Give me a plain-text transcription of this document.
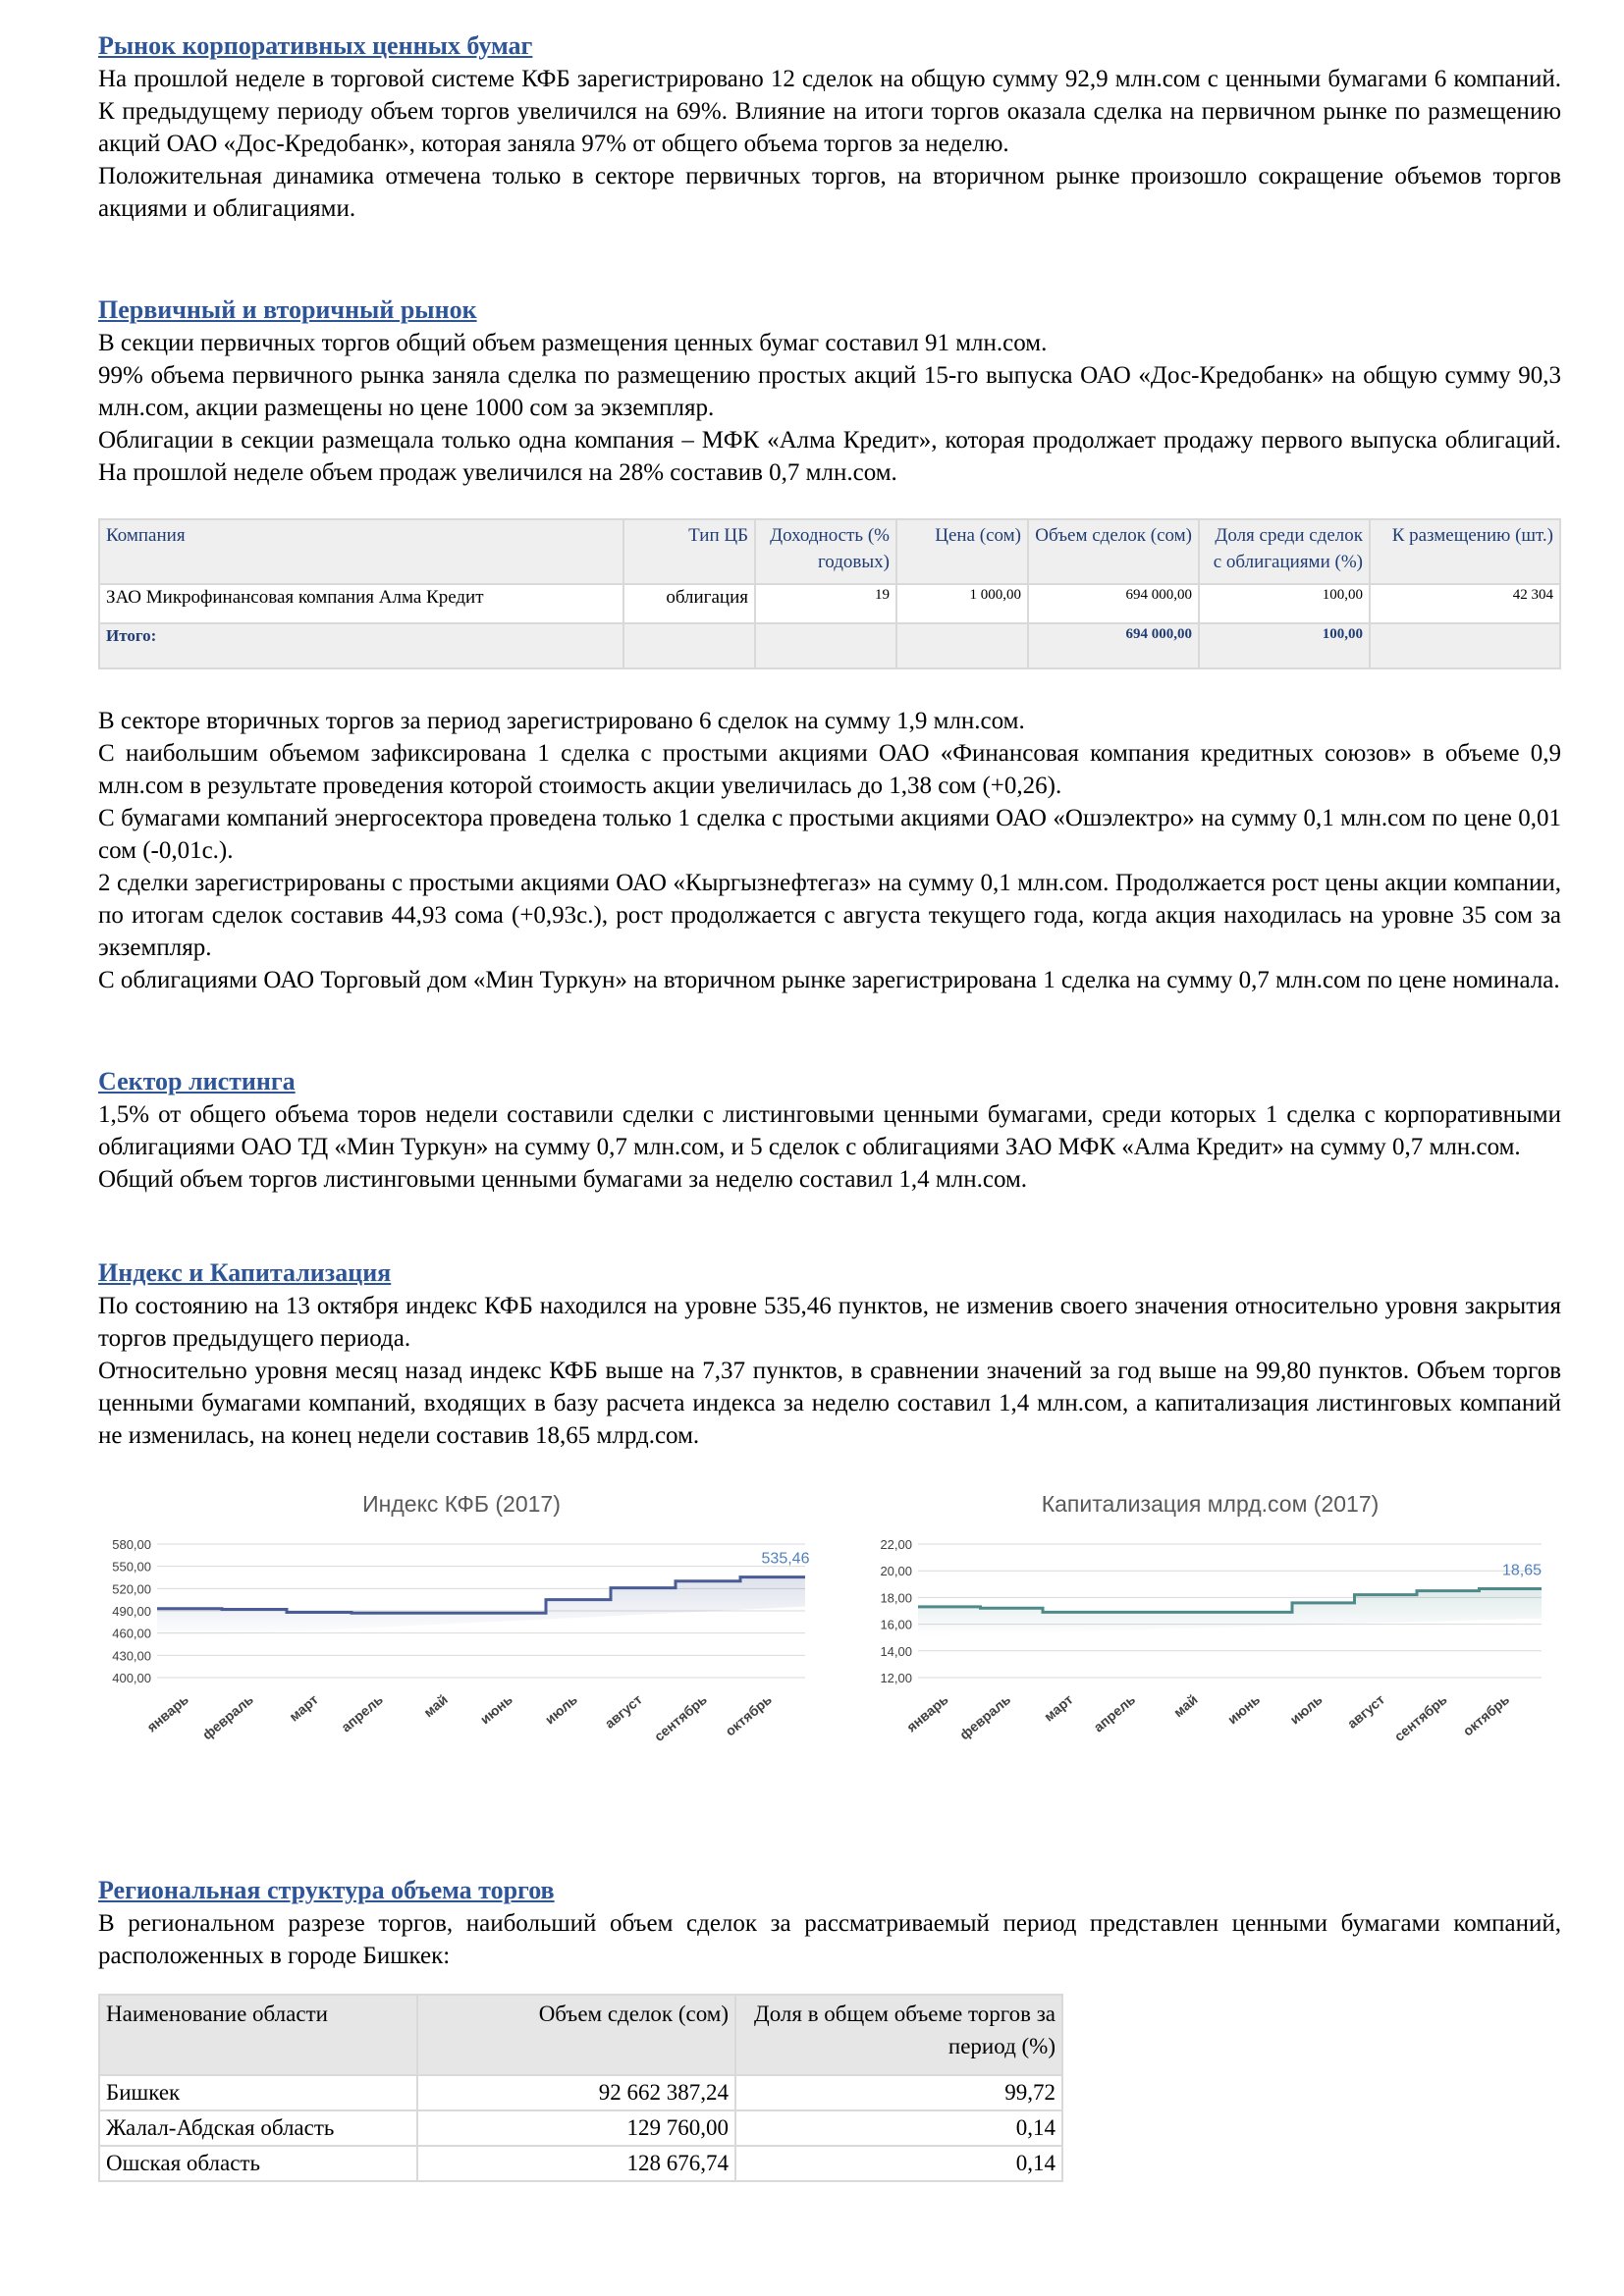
Рынок корпоративных ценных бумаг

На прошлой неделе в торговой системе КФБ зарегистрировано 12 сделок на общую сумму 92,9 млн.сом с ценными бумагами 6 компаний. К предыдущему периоду объем торгов увеличился на 69%. Влияние на итоги торгов оказала сделка на первичном рынке по размещению акций ОАО «Дос-Кредобанк», которая заняла 97% от общего объема торгов за неделю.

Положительная динамика отмечена только в секторе первичных торгов, на вторичном рынке произошло сокращение объемов торгов акциями и облигациями.

Первичный и вторичный рынок

В секции первичных торгов общий объем размещения ценных бумаг составил 91 млн.сом.

99% объема первичного рынка заняла сделка по размещению простых акций 15-го выпуска ОАО «Дос-Кредобанк» на общую сумму 90,3 млн.сом, акции размещены но цене 1000 сом за экземпляр.

Облигации в секции размещала только одна компания – МФК «Алма Кредит», которая продолжает продажу первого выпуска облигаций. На прошлой неделе объем продаж увеличился на 28% составив 0,7 млн.сом.

Компания	Тип ЦБ	Доходность (% годовых)	Цена (сом)	Объем сделок (сом)	Доля среди сделок с облигациями (%)	К размещению (шт.)
ЗАО Микрофинансовая компания Алма Кредит	облигация	19	1 000,00	694 000,00	100,00	42 304
Итого:				694 000,00	100,00	

В секторе вторичных торгов за период зарегистрировано 6 сделок на сумму 1,9 млн.сом.

С наибольшим объемом зафиксирована 1 сделка с простыми акциями ОАО «Финансовая компания кредитных союзов» в объеме 0,9 млн.сом в результате проведения которой стоимость акции увеличилась до 1,38 сом (+0,26).

С бумагами компаний энергосектора проведена только 1 сделка с простыми акциями ОАО «Ошэлектро» на сумму 0,1 млн.сом по цене 0,01 сом (-0,01с.).

2 сделки зарегистрированы с простыми акциями ОАО «Кыргызнефтегаз» на сумму 0,1 млн.сом. Продолжается рост цены акции компании, по итогам сделок составив 44,93 сома (+0,93с.), рост продолжается с августа текущего года, когда акция находилась на уровне 35 сом за экземпляр.

С облигациями ОАО Торговый дом «Мин Туркун» на вторичном рынке зарегистрирована 1 сделка на сумму 0,7 млн.сом по цене номинала.

Сектор листинга

1,5% от общего объема торов недели составили сделки с листинговыми ценными бумагами, среди которых 1 сделка с корпоративными облигациями ОАО ТД «Мин Туркун» на сумму 0,7 млн.сом, и 5 сделок с облигациями ЗАО МФК «Алма Кредит» на сумму 0,7 млн.сом.

Общий объем торгов листинговыми ценными бумагами за неделю составил 1,4 млн.сом.

Индекс и Капитализация

По состоянию на 13 октября индекс КФБ находился на уровне 535,46 пунктов, не изменив своего значения относительно уровня закрытия торгов предыдущего периода.

Относительно уровня месяц назад индекс КФБ выше на 7,37 пунктов, в сравнении значений за год выше на 99,80 пунктов. Объем торгов ценными бумагами компаний, входящих в базу расчета индекса за неделю составил 1,4 млн.сом, а капитализация листинговых компаний не изменилась, на конец недели составив 18,65 млрд.сом.

Индекс КФБ (2017)
400,00
430,00
460,00
490,00
520,00
550,00
580,00
535,46
январь февраль март апрель	май июнь июль август сентябрь октябрь
Капитализация млрд.сом (2017)
12,00
14,00
16,00
18,00
20,00
22,00
18,65
январь февраль март апрель май июнь июль август сентябрь октябрь
Региональная структура объема торгов

В региональном разрезе торгов, наибольший объем сделок за рассматриваемый период представлен ценными бумагами компаний, расположенных в городе Бишкек:

Наименование области	Объем сделок (сом)	Доля в общем объеме торгов за период (%)
Бишкек	92 662 387,24	99,72
Жалал-Абдская область	129 760,00	0,14
Ошская область	128 676,74	0,14
